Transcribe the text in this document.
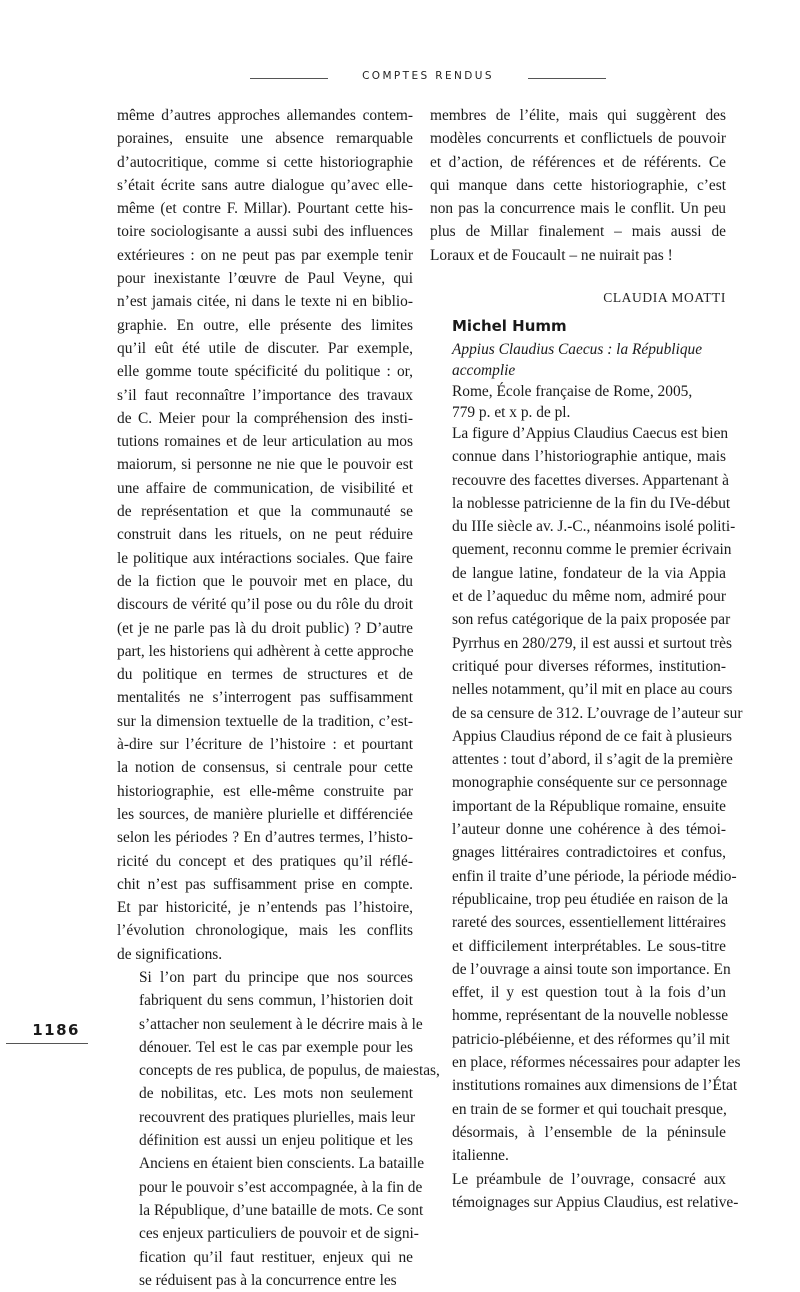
COMPTES RENDUS

même d’autres approches allemandes contem-
poraines, ensuite une absence remarquable
d’autocritique, comme si cette historiographie
s’était écrite sans autre dialogue qu’avec elle-
même (et contre F. Millar). Pourtant cette his-
toire sociologisante a aussi subi des influences
extérieures : on ne peut pas par exemple tenir
pour inexistante l’œuvre de Paul Veyne, qui
n’est jamais citée, ni dans le texte ni en biblio-
graphie. En outre, elle présente des limites
qu’il eût été utile de discuter. Par exemple,
elle gomme toute spécificité du politique : or,
s’il faut reconnaître l’importance des travaux
de C. Meier pour la compréhension des insti-
tutions romaines et de leur articulation au mos
maiorum, si personne ne nie que le pouvoir est
une affaire de communication, de visibilité et
de représentation et que la communauté se
construit dans les rituels, on ne peut réduire
le politique aux intéractions sociales. Que faire
de la fiction que le pouvoir met en place, du
discours de vérité qu’il pose ou du rôle du droit
(et je ne parle pas là du droit public) ? D’autre
part, les historiens qui adhèrent à cette approche
du politique en termes de structures et de
mentalités ne s’interrogent pas suffisamment
sur la dimension textuelle de la tradition, c’est-
à-dire sur l’écriture de l’histoire : et pourtant
la notion de consensus, si centrale pour cette
historiographie, est elle-même construite par
les sources, de manière plurielle et différenciée
selon les périodes ? En d’autres termes, l’histo-
ricité du concept et des pratiques qu’il réflé-
chit n’est pas suffisamment prise en compte.
Et par historicité, je n’entends pas l’histoire,
l’évolution chronologique, mais les conflits
de significations.

Si l’on part du principe que nos sources
fabriquent du sens commun, l’historien doit
s’attacher non seulement à le décrire mais à le
dénouer. Tel est le cas par exemple pour les
concepts de res publica, de populus, de maiestas,
de nobilitas, etc. Les mots non seulement
recouvrent des pratiques plurielles, mais leur
définition est aussi un enjeu politique et les
Anciens en étaient bien conscients. La bataille
pour le pouvoir s’est accompagnée, à la fin de
la République, d’une bataille de mots. Ce sont
ces enjeux particuliers de pouvoir et de signi-
fication qu’il faut restituer, enjeux qui ne
se réduisent pas à la concurrence entre les

membres de l’élite, mais qui suggèrent des
modèles concurrents et conflictuels de pouvoir
et d’action, de références et de référents. Ce
qui manque dans cette historiographie, c’est
non pas la concurrence mais le conflit. Un peu
plus de Millar finalement – mais aussi de
Loraux et de Foucault – ne nuirait pas !

CLAUDIA MOATTI
Michel Humm
Appius Claudius Caecus : la République
accomplie
Rome, École française de Rome, 2005,
779 p. et x p. de pl.

La figure d’Appius Claudius Caecus est bien
connue dans l’historiographie antique, mais
recouvre des facettes diverses. Appartenant à
la noblesse patricienne de la fin du IVe-début
du IIIe siècle av. J.-C., néanmoins isolé politi-
quement, reconnu comme le premier écrivain
de langue latine, fondateur de la via Appia
et de l’aqueduc du même nom, admiré pour
son refus catégorique de la paix proposée par
Pyrrhus en 280/279, il est aussi et surtout très
critiqué pour diverses réformes, institution-
nelles notamment, qu’il mit en place au cours
de sa censure de 312. L’ouvrage de l’auteur sur
Appius Claudius répond de ce fait à plusieurs
attentes : tout d’abord, il s’agit de la première
monographie conséquente sur ce personnage
important de la République romaine, ensuite
l’auteur donne une cohérence à des témoi-
gnages littéraires contradictoires et confus,
enfin il traite d’une période, la période médio-
républicaine, trop peu étudiée en raison de la
rareté des sources, essentiellement littéraires
et difficilement interprétables. Le sous-titre
de l’ouvrage a ainsi toute son importance. En
effet, il y est question tout à la fois d’un
homme, représentant de la nouvelle noblesse
patricio-plébéienne, et des réformes qu’il mit
en place, réformes nécessaires pour adapter les
institutions romaines aux dimensions de l’État
en train de se former et qui touchait presque,
désormais, à l’ensemble de la péninsule
italienne.

Le préambule de l’ouvrage, consacré aux
témoignages sur Appius Claudius, est relative-

1186
